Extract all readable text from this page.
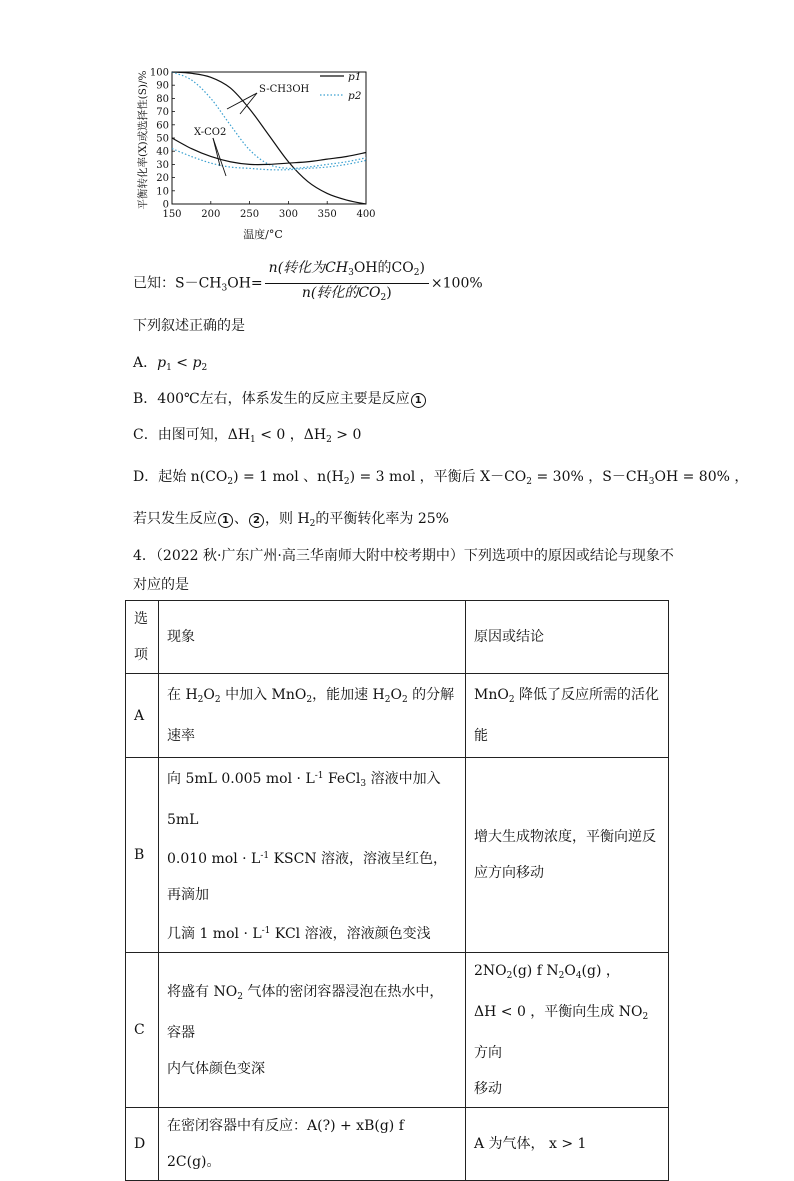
0
10
20
30
40
50
60
70
80
90
100
150 200 250 300 350 400
平衡转化率(X)或选择性(S)/%
温度/°C
p1
p2
S-CH3OH
X-CO2
已知：$S-CH_3OH= \frac{n(转化为CH_3OH的CO_2)}{n(转化的CO_2)} \times 100\%$
下列叙述正确的是
A．$p_1 < p_2$
B．400℃左右，体系发生的反应主要是反应 1
C．由图可知，$\Delta H_1 < 0$ ，$\Delta H_2 > 0$
D．起始 $n(CO_2) = 1$ mol 、$n(H_2) = 3$ mol ，平衡后 $X-CO_2 = 30\%$ ，$S-CH_3OH = 80\%$ ，
若只发生反应 1 、 2 ，则 $H_2$的平衡转化率为 25%
4．（2022 秋·广东广州·高三华南师大附中校考期中）下列选项中的原因或结论与现象不
对应的是
选
项	现象	原因或结论
A	在 $H_2O_2$ 中加入 MnO$_2$，能加速 $H_2O_2$ 的分解速率	MnO$_2$ 降低了反应所需的活化
能
B	向 5mL 0.005 mol · $L^{-1}$ FeCl$_3$ 溶液中加入 5mL
0.010 mol · $L^{-1}$ KSCN 溶液，溶液呈红色，再滴加
几滴 1 mol · $L^{-1}$ KCl 溶液，溶液颜色变浅	增大生成物浓度，平衡向逆反
应方向移动
C	将盛有 $NO_2$ 气体的密闭容器浸泡在热水中，容器
内气体颜色变深	$2NO_2(g)$ f $N_2O_4(g)$ ，
ΔH < 0 ，平衡向生成 $NO_2$ 方向
移动
D	在密闭容器中有反应：A(?) + xB(g) f 2C(g)。	A 为气体， x > 1
